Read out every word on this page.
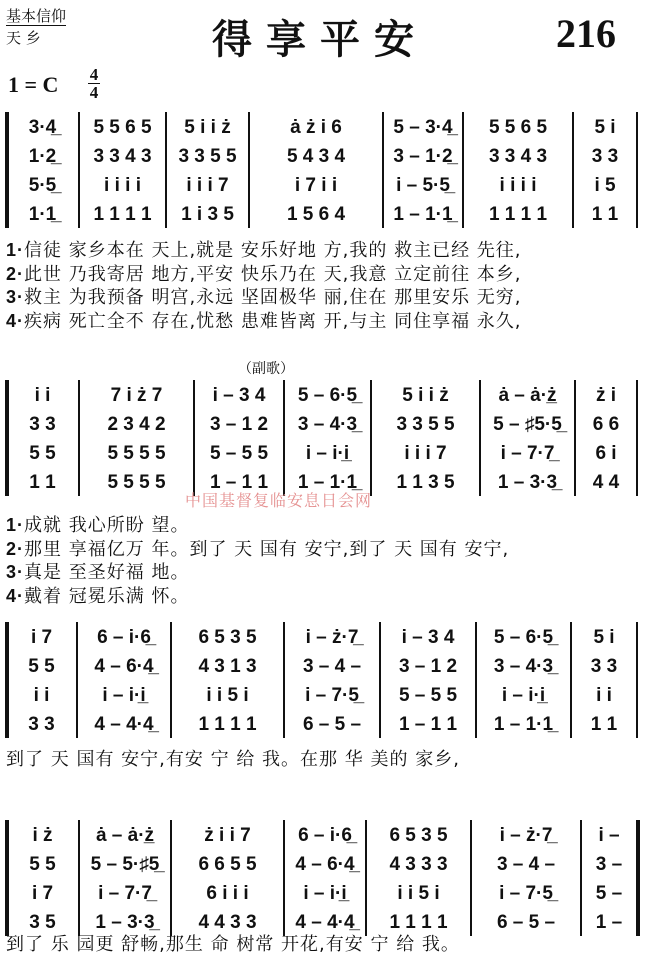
基本信仰
天 乡	得享平安	216
1 = C 4
4
3·4̲	5 5 6 5	5 i i ż	ȧ ż i 6	5 – 3·4̲	5 5 6 5	5 i
1·2̲	3 3 4 3	3 3 5 5	5 4 3 4	3 – 1·2̲	3 3 4 3	3 3
5·5̲	i i i i	i i i 7	i 7 i i	i – 5·5̲	i i i i	i 5
1·1̲	1 1 1 1	1 i 3 5	1 5 6 4	1 – 1·1̲	1 1 1 1	1 1
1·信徒 家乡本在 天上,就是 安乐好地 方,我的 救主已经 先往,
2·此世 乃我寄居 地方,平安 快乐乃在 天,我意 立定前往 本乡,
3·救主 为我预备 明宫,永远 坚固极华 丽,住在 那里安乐 无穷,
4·疾病 死亡全不 存在,忧愁 患难皆离 开,与主 同住享福 永久,
i i	7 i ż 7	i – 3 4	5 – 6·5̲	5 i i ż	ȧ – ȧ·ż̲	ż i
3 3	2 3 4 2	3 – 1 2	3 – 4·3̲	3 3 5 5	5 – ♯5·5̲	6 6
5 5	5 5 5 5	5 – 5 5	i – i·i̲	i i i 7	i – 7·7̲	6 i
1 1	5 5 5 5	1 – 1 1	1 – 1·1̲	1 1 3 5	1 – 3·3̲	4 4
1·成就 我心所盼 望。
2·那里 享福亿万 年。到了 天 国有 安宁,到了 天 国有 安宁,
3·真是 至圣好福 地。
4·戴着 冠冕乐满 怀。
i 7	6 – i·6̲	6 5 3 5	i – ż·7̲	i – 3 4	5 – 6·5̲	5 i
5 5	4 – 6·4̲	4 3 1 3	3 – 4 –	3 – 1 2	3 – 4·3̲	3 3
i i	i – i·i̲	i i 5 i	i – 7·5̲	5 – 5 5	i – i·i̲	i i
3 3	4 – 4·4̲	1 1 1 1	6 – 5 –	1 – 1 1	1 – 1·1̲	1 1
到了 天 国有 安宁,有安 宁 给 我。在那 华 美的 家乡,
i ż	ȧ – ȧ·ż̲	ż i i 7	6 – i·6̲	6 5 3 5	i – ż·7̲	i –
5 5	5 – 5·♯5̲	6 6 5 5	4 – 6·4̲	4 3 3 3	3 – 4 –	3 –
i 7	i – 7·7̲	6 i i i	i – i·i̲	i i 5 i	i – 7·5̲	5 –
3 5	1 – 3·3̲	4 4 3 3	4 – 4·4̲	1 1 1 1	6 – 5 –	1 –
到了 乐 园更 舒畅,那生 命 树常 开花,有安 宁 给 我。
（副歌）
中国基督复临安息日会网
